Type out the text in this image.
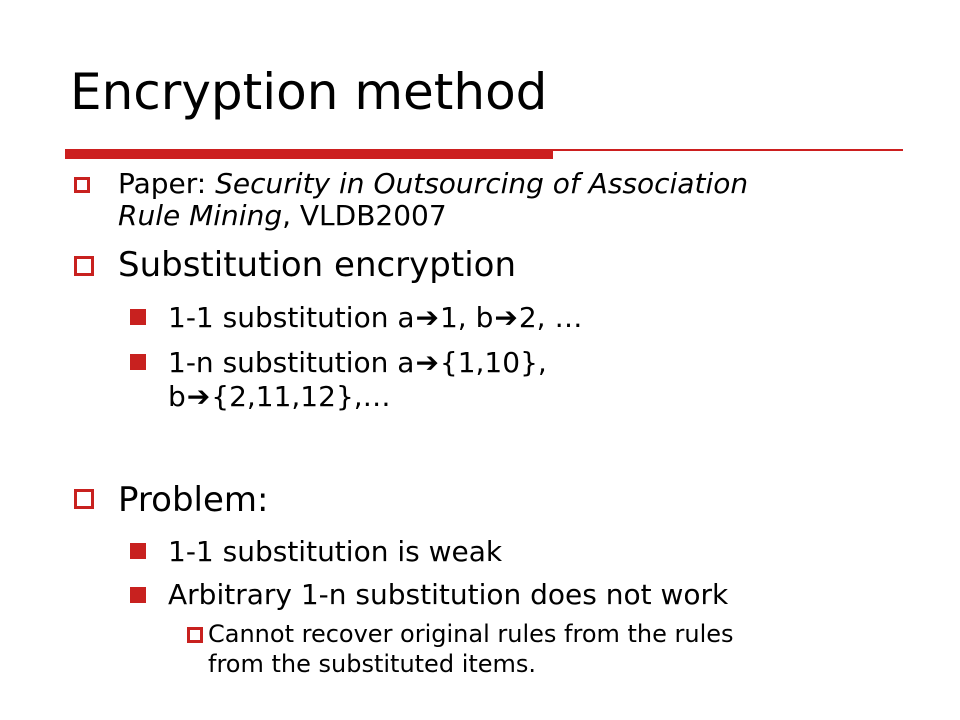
Encryption method

Paper: Security in Outsourcing of Association

Rule Mining, VLDB2007

Substitution encryption

1-1 substitution a➔1, b➔2, …

1-n substitution a➔{1,10},

b➔{2,11,12},…

Problem:

1-1 substitution is weak

Arbitrary 1-n substitution does not work

Cannot recover original rules from the rules

from the substituted items.
